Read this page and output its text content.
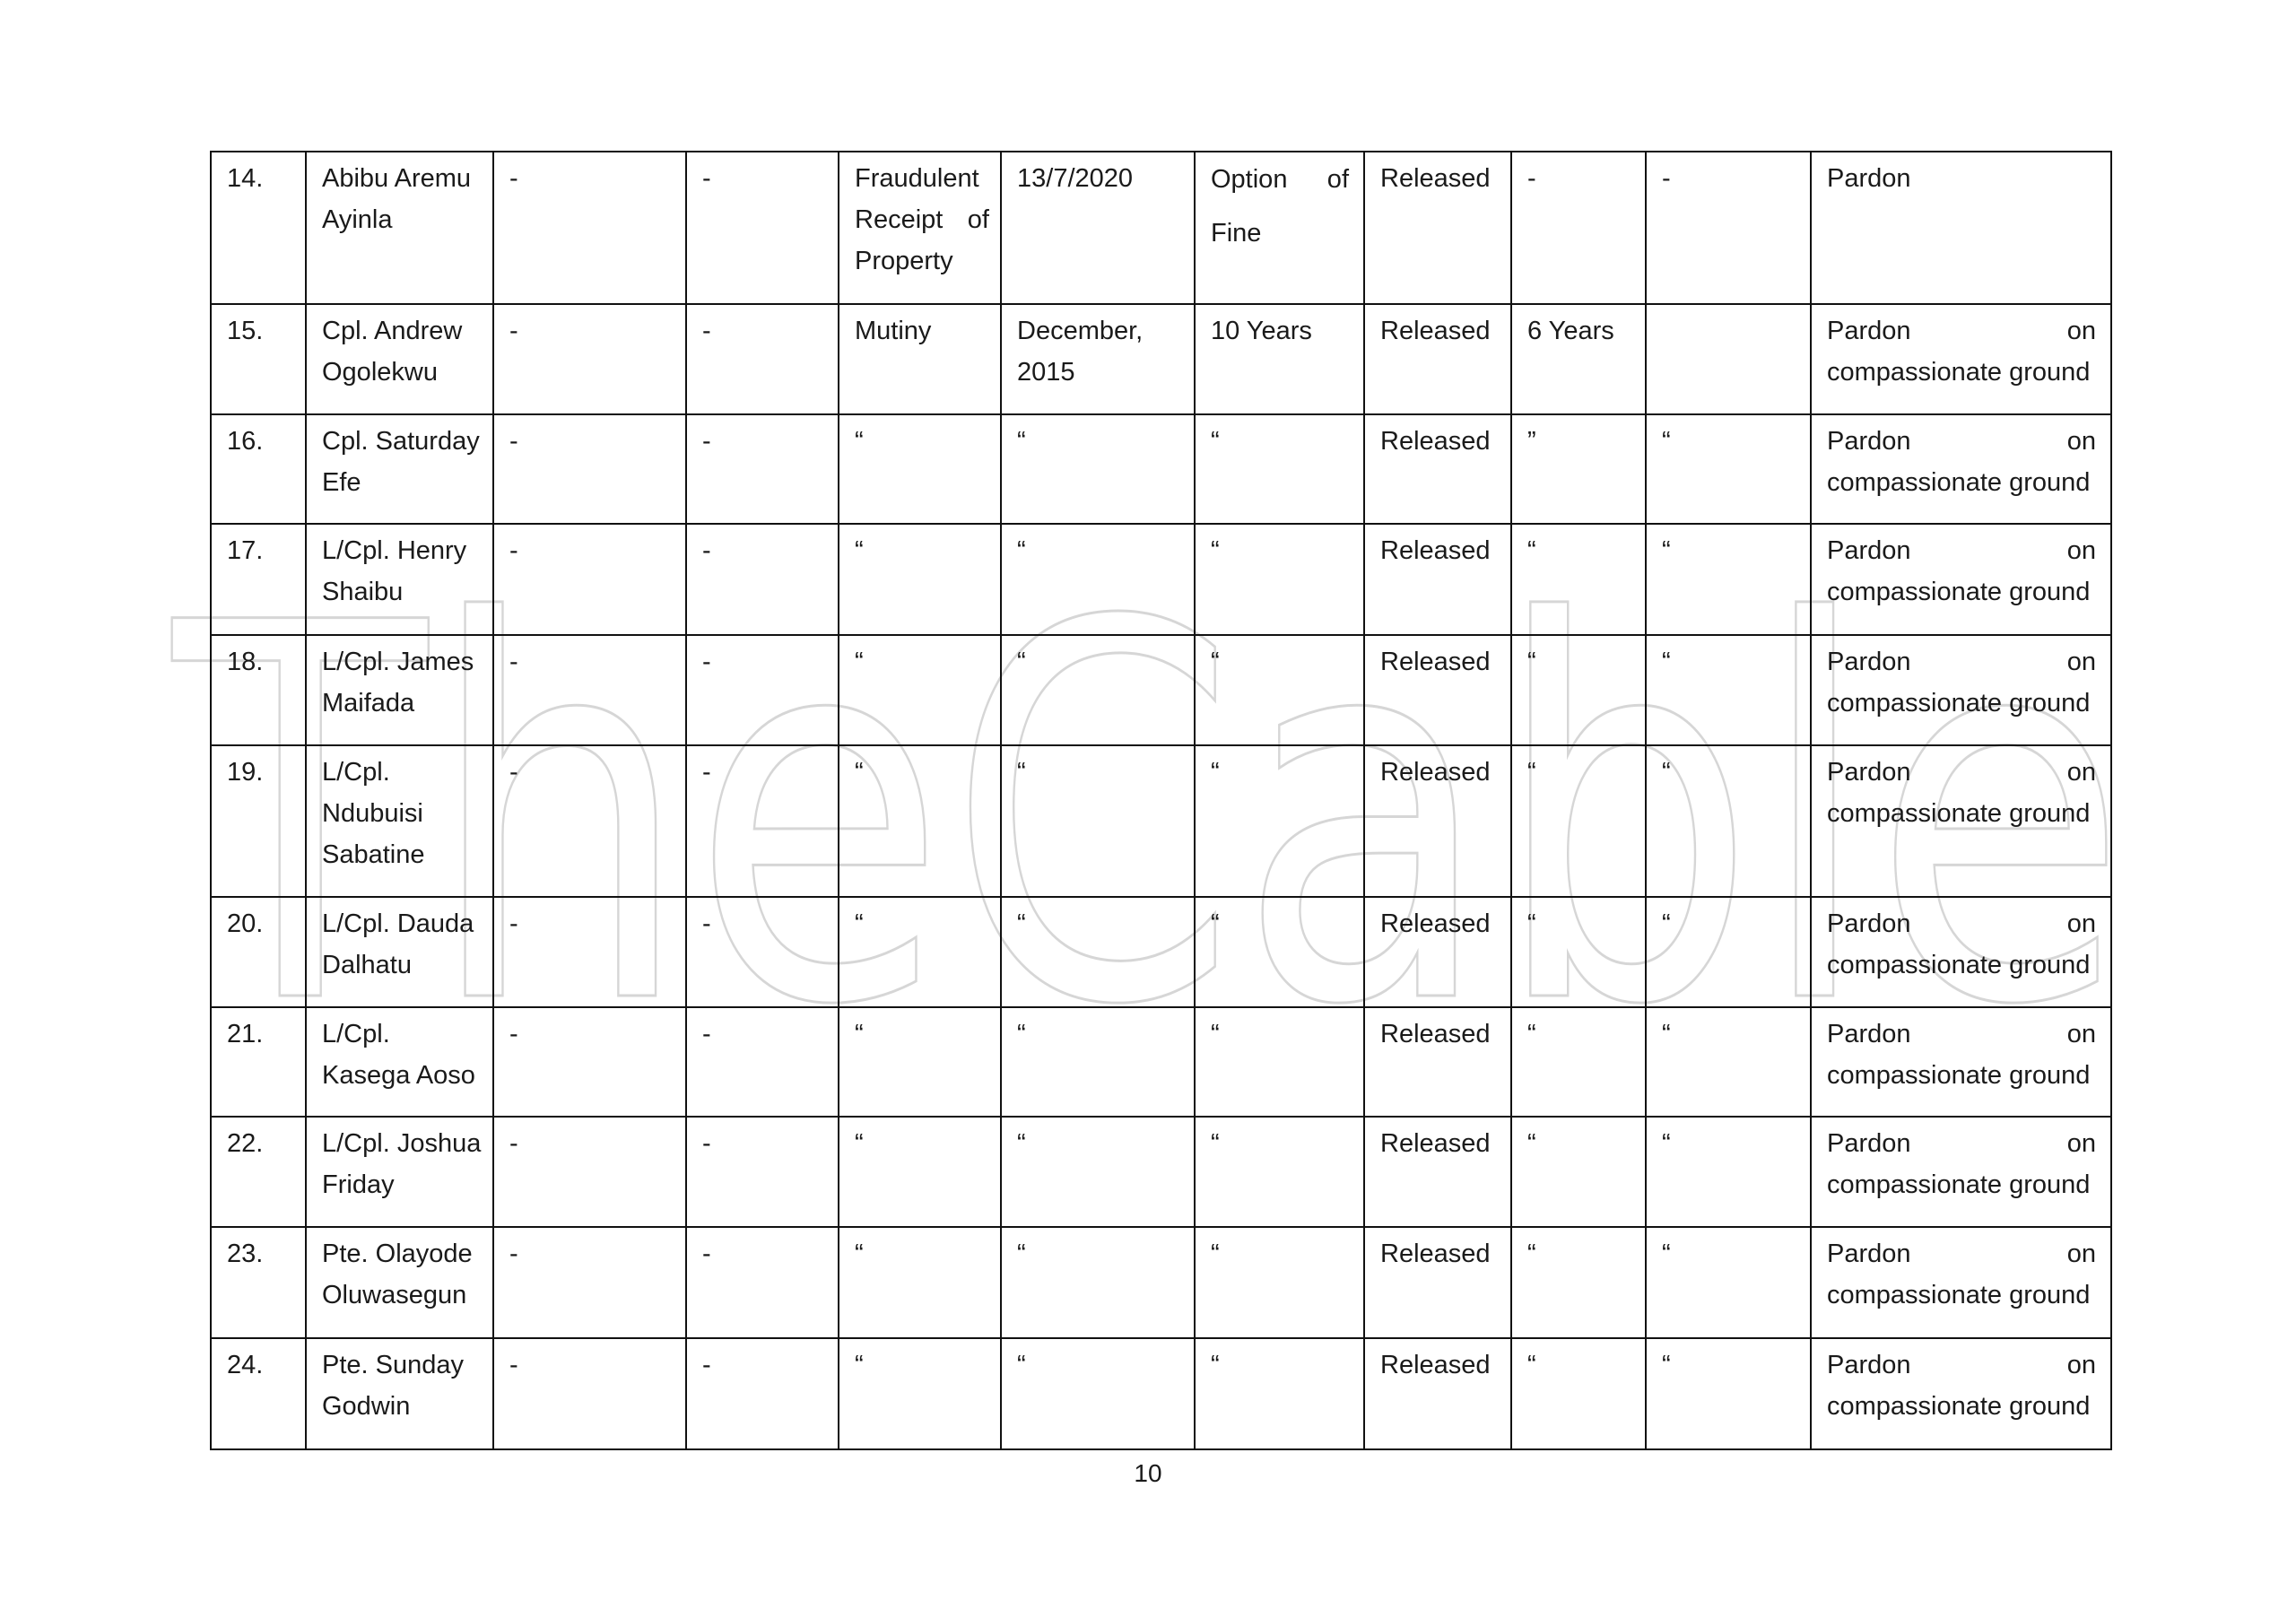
TheCable
14.	Abibu Aremu
Ayinla	-	-	Fraudulent Receipt of Property	13/7/2020	Option of Fine	Released	-	-	Pardon
15.	Cpl. Andrew
Ogolekwu	-	-	Mutiny	December, 2015	10 Years	Released	6 Years		Pardon on compassionate ground
16.	Cpl. Saturday
Efe	-	-	“	“	“	Released	”	“	Pardon on compassionate ground
17.	L/Cpl. Henry
Shaibu	-	-	“	“	“	Released	“	“	Pardon on compassionate ground
18.	L/Cpl. James
Maifada	-	-	“	“	“	Released	“	“	Pardon on compassionate ground
19.	L/Cpl.
Ndubuisi
Sabatine	-	-	“	“	“	Released	“	“	Pardon on compassionate ground
20.	L/Cpl. Dauda
Dalhatu	-	-	“	“	“	Released	“	“	Pardon on compassionate ground
21.	L/Cpl.
Kasega Aoso	-	-	“	“	“	Released	“	“	Pardon on compassionate ground
22.	L/Cpl. Joshua
Friday	-	-	“	“	“	Released	“	“	Pardon on compassionate ground
23.	Pte. Olayode
Oluwasegun	-	-	“	“	“	Released	“	“	Pardon on compassionate ground
24.	Pte. Sunday
Godwin	-	-	“	“	“	Released	“	“	Pardon on compassionate ground
10
